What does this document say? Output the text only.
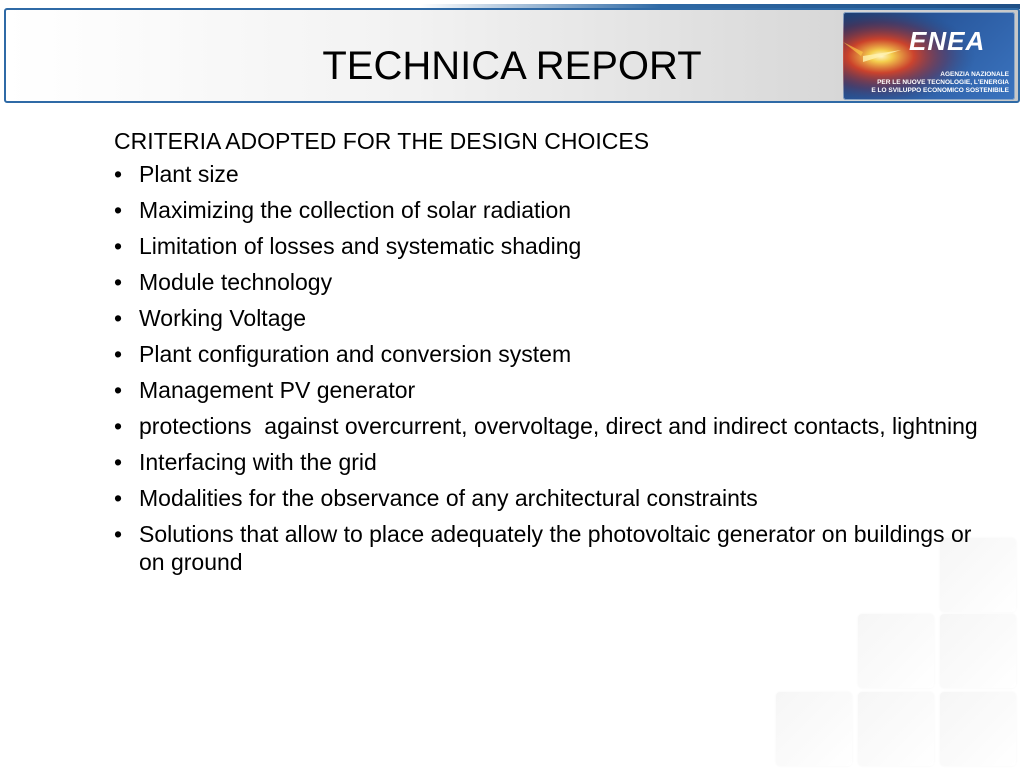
TECHNICA REPORT
ENEA
AGENZIA NAZIONALE
PER LE NUOVE TECNOLOGIE, L'ENERGIA
E LO SVILUPPO ECONOMICO SOSTENIBILE
CRITERIA ADOPTED FOR THE DESIGN CHOICES
• Plant size
• Maximizing the collection of solar radiation
• Limitation of losses and systematic shading
• Module technology
• Working Voltage
• Plant configuration and conversion system
• Management PV generator
• protections  against overcurrent, overvoltage, direct and indirect contacts, lightning
• Interfacing with the grid
• Modalities for the observance of any architectural constraints
• Solutions that allow to place adequately the photovoltaic generator on buildings or on ground
